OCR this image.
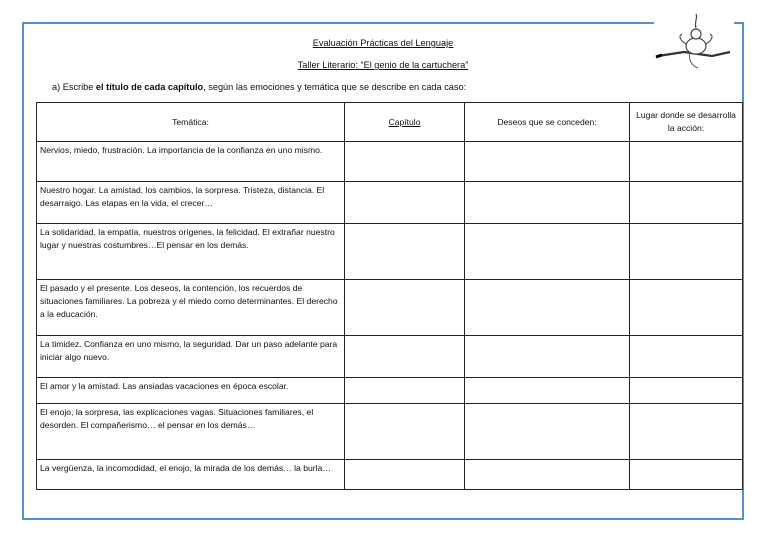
Evaluación Prácticas del Lenguaje
Taller Literario: “El genio de la cartuchera”
a) Escribe el título de cada capítulo, según las emociones y temática que se describe en cada caso:
Temática:	Capítulo	Deseos que se conceden:	Lugar donde se desarrolla la acción:
Nervios, miedo, frustración. La importancia de la confianza en uno mismo.			
Nuestro hogar. La amistad, los cambios, la sorpresa. Tristeza, distancia. El desarraigo. Las etapas en la vida, el crecer…			
La solidaridad, la empatía, nuestros orígenes, la felicidad. El extrañar nuestro lugar y nuestras costumbres…El pensar en los demás.			
El pasado y el presente. Los deseos, la contención, los recuerdos de situaciones familiares. La pobreza y el miedo como determinantes. El derecho a la educación.			
La timidez. Confianza en uno mismo, la seguridad. Dar un paso adelante para iniciar algo nuevo.			
El amor y la amistad. Las ansiadas vacaciones en época escolar.			
El enojo, la sorpresa, las explicaciones vagas. Situaciones familiares, el desorden. El compañerismo… el pensar en los demás…			
La vergüenza, la incomodidad, el enojo, la mirada de los demás… la burla…			
